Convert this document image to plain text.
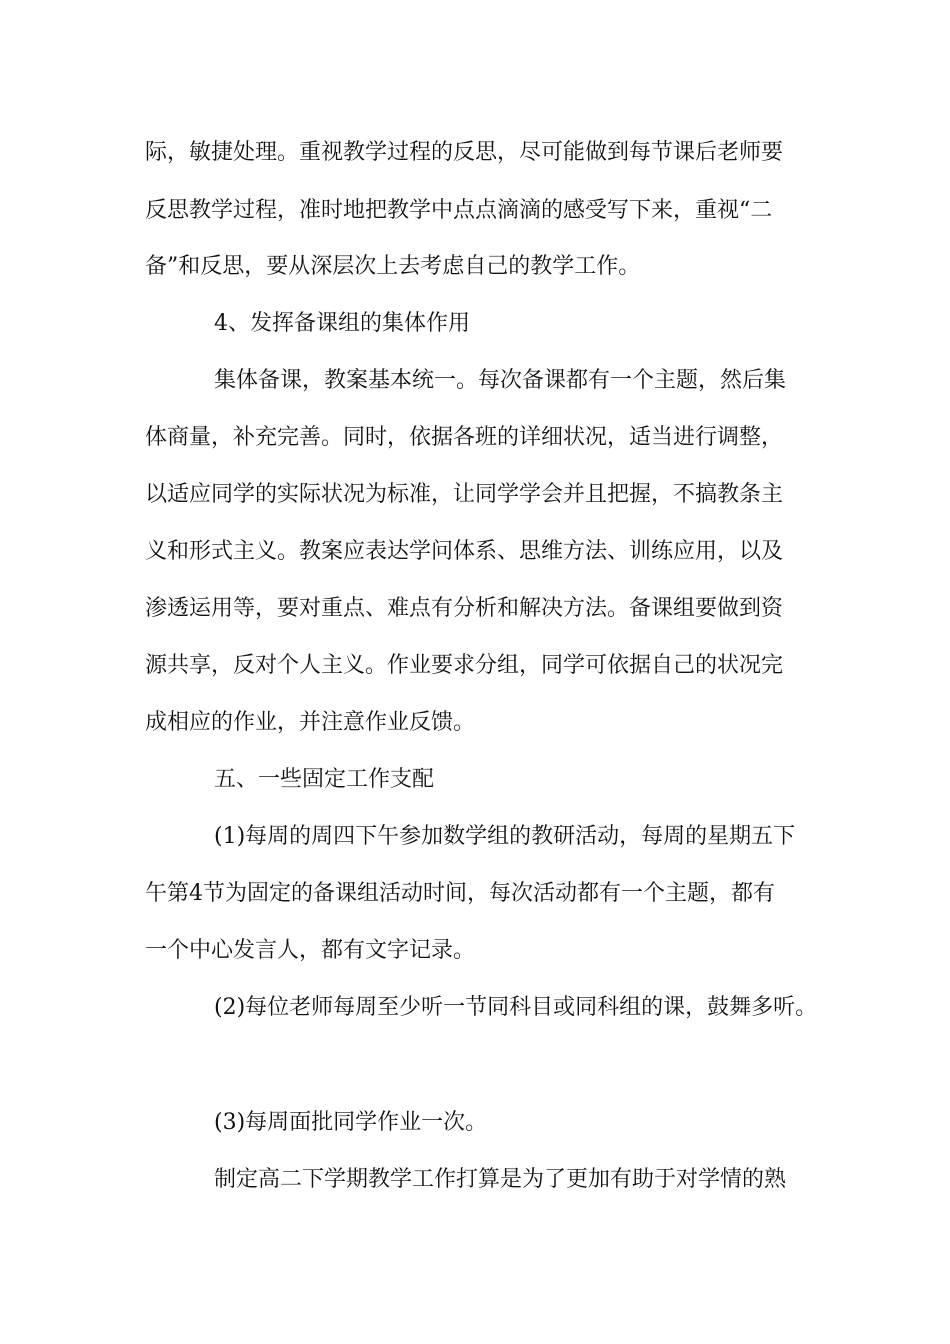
际，敏捷处理。重视教学过程的反思，尽可能做到每节课后老师要

反思教学过程，准时地把教学中点点滴滴的感受写下来，重视“二

备”和反思，要从深层次上去考虑自己的教学工作。

4、发挥备课组的集体作用

集体备课，教案基本统一。每次备课都有一个主题，然后集

体商量，补充完善。同时，依据各班的详细状况，适当进行调整，

以适应同学的实际状况为标准，让同学学会并且把握，不搞教条主

义和形式主义。教案应表达学问体系、思维方法、训练应用，以及

渗透运用等，要对重点、难点有分析和解决方法。备课组要做到资

源共享，反对个人主义。作业要求分组，同学可依据自己的状况完

成相应的作业，并注意作业反馈。

五、一些固定工作支配

(1)每周的周四下午参加数学组的教研活动，每周的星期五下

午第4节为固定的备课组活动时间，每次活动都有一个主题，都有

一个中心发言人，都有文字记录。

(2)每位老师每周至少听一节同科目或同科组的课，鼓舞多听。

(3)每周面批同学作业一次。

制定高二下学期教学工作打算是为了更加有助于对学情的熟
